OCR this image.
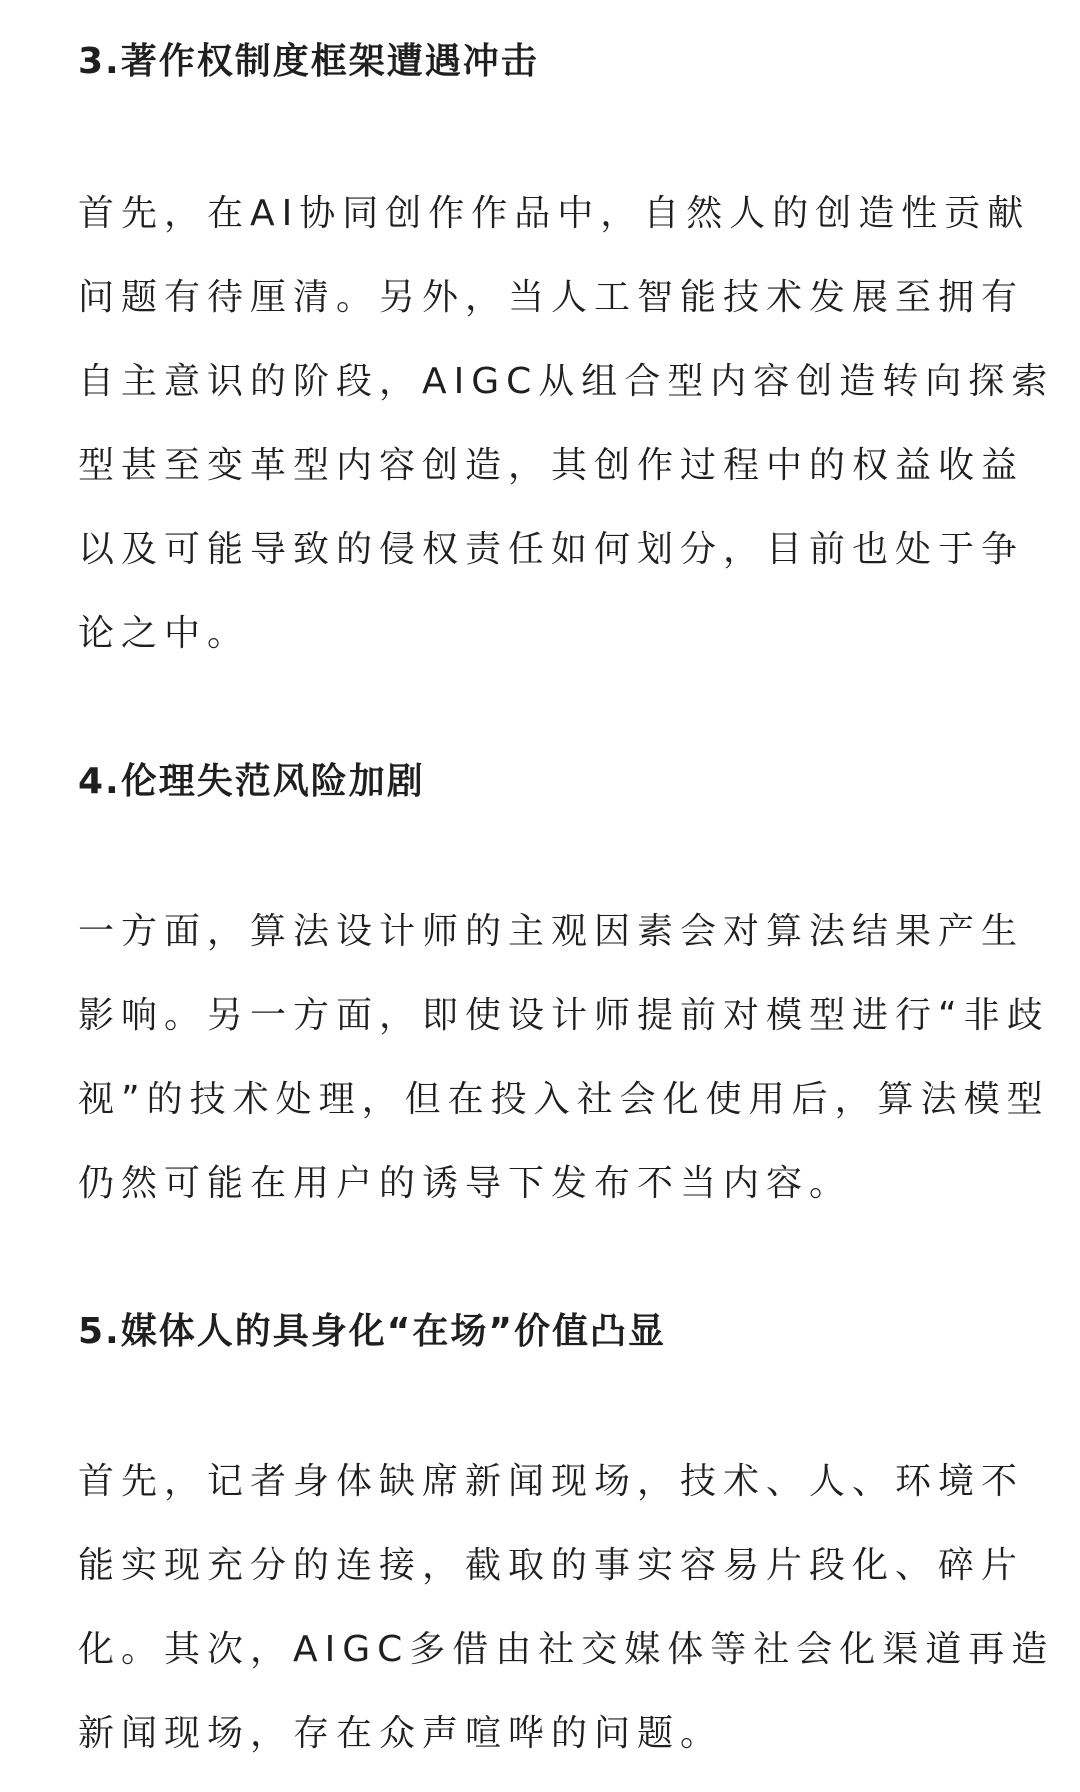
3.著作权制度框架遭遇冲击
首先，在AI协同创作作品中，自然人的创造性贡献
问题有待厘清。另外，当人工智能技术发展至拥有
自主意识的阶段，AIGC从组合型内容创造转向探索
型甚至变革型内容创造，其创作过程中的权益收益
以及可能导致的侵权责任如何划分，目前也处于争
论之中。
4.伦理失范风险加剧
一方面，算法设计师的主观因素会对算法结果产生
影响。另一方面，即使设计师提前对模型进行“非歧
视”的技术处理，但在投入社会化使用后，算法模型
仍然可能在用户的诱导下发布不当内容。
5.媒体人的具身化“在场”价值凸显
首先，记者身体缺席新闻现场，技术、人、环境不
能实现充分的连接，截取的事实容易片段化、碎片
化。其次，AIGC多借由社交媒体等社会化渠道再造
新闻现场，存在众声喧哗的问题。
